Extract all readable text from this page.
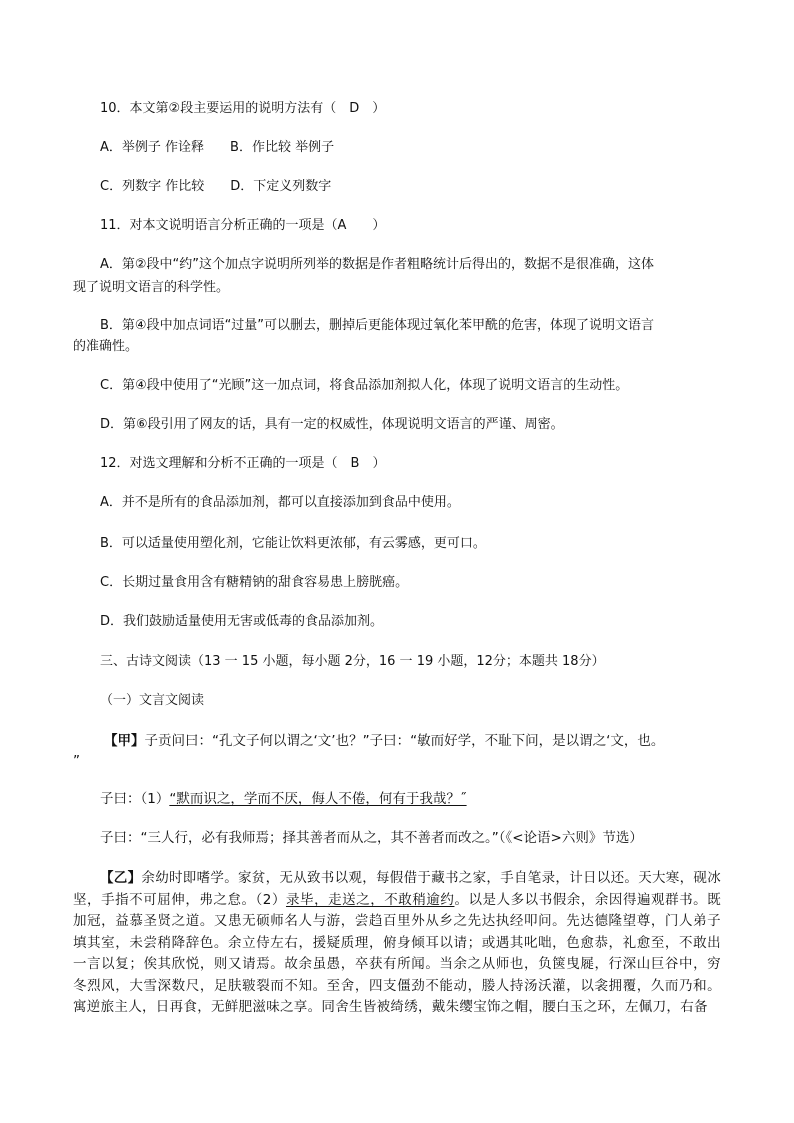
10．本文第②段主要运用的说明方法有（　D　）

A．举例子 作诠释　　B．作比较 举例子

C．列数字 作比较　　D．下定义列数字

11．对本文说明语言分析正确的一项是（A　　）

A．第②段中“约”这个加点字说明所列举的数据是作者粗略统计后得出的，数据不是很准确，这体

现了说明文语言的科学性。

B．第④段中加点词语“过量”可以删去，删掉后更能体现过氧化苯甲酰的危害，体现了说明文语言

的准确性。

C．第④段中使用了“光顾”这一加点词，将食品添加剂拟人化，体现了说明文语言的生动性。

D．第⑥段引用了网友的话，具有一定的权威性，体现说明文语言的严谨、周密。

12．对选文理解和分析不正确的一项是（　B　）

A．并不是所有的食品添加剂，都可以直接添加到食品中使用。

B．可以适量使用塑化剂，它能让饮料更浓郁，有云雾感，更可口。

C．长期过量食用含有糖精钠的甜食容易患上膀胱癌。

D．我们鼓励适量使用无害或低毒的食品添加剂。

三、古诗文阅读（13 一 15 小题，每小题 2分，16 一 19 小题，12分；本题共 18分）

（一）文言文阅读

【甲】子贡问曰：“孔文子何以谓之‘文’也？”子曰：“敏而好学，不耻下问，是以谓之‘文，也。

”

子曰：（1）“默而识之，学而不厌，侮人不倦，何有于我哉？˝

子曰：“三人行，必有我师焉；择其善者而从之，其不善者而改之。”（《<论语>六则》节选）

【乙】余幼时即嗜学。家贫，无从致书以观，每假借于藏书之家，手自笔录，计日以还。天大寒，砚冰坚，手指不可屈伸，弗之怠。（2）录毕，走送之，不敢稍逾约。以是人多以书假余，余因得遍观群书。既加冠，益慕圣贤之道。又患无硕师名人与游，尝趋百里外从乡之先达执经叩问。先达德隆望尊，门人弟子填其室，未尝稍降辞色。余立侍左右，援疑质理，俯身倾耳以请；或遇其叱咄，色愈恭，礼愈至，不敢出一言以复；俟其欣悦，则又请焉。故余虽愚，卒获有所闻。当余之从师也，负箧曳屣，行深山巨谷中，穷冬烈风，大雪深数尺，足肤皲裂而不知。至舍，四支僵劲不能动，媵人持汤沃灌，以衾拥覆，久而乃和。寓逆旅主人，日再食，无鲜肥滋味之享。同舍生皆被绮绣，戴朱缨宝饰之帽，腰白玉之环，左佩刀，右备
